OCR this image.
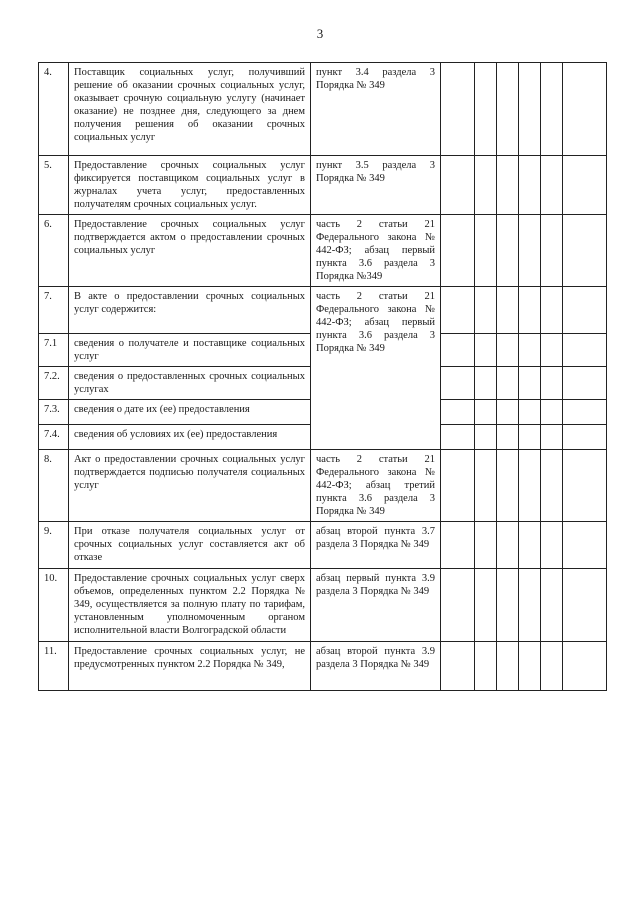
3
4.	Поставщик социальных услуг, получивший решение об оказании срочных социальных услуг, оказывает срочную социальную услугу (начинает оказание) не позднее дня, следующего за днем получения решения об оказании срочных социальных услуг	пункт 3.4 раздела 3 Порядка № 349						
5.	Предоставление срочных социальных услуг фиксируется поставщиком социальных услуг в журналах учета услуг, предоставленных получателям срочных социальных услуг.	пункт 3.5 раздела 3 Порядка № 349						
6.	Предоставление срочных социальных услуг подтверждается актом о предоставлении срочных социальных услуг	часть 2 статьи 21 Федерального закона № 442-ФЗ; абзац первый пункта 3.6 раздела 3 Порядка №349						
7.	В акте о предоставлении срочных социальных услуг содержится:	часть 2 статьи 21 Федерального закона № 442-ФЗ; абзац первый пункта 3.6 раздела 3 Порядка № 349						
7.1	сведения о получателе и поставщике социальных услуг							
7.2.	сведения о предоставленных срочных социальных услугах							
7.3.	сведения о дате их (ее) предоставления							
7.4.	сведения об условиях их (ее) предоставления							
8.	Акт о предоставлении срочных социальных услуг подтверждается подписью получателя социальных услуг	часть 2 статьи 21 Федерального закона № 442-ФЗ; абзац третий пункта 3.6 раздела 3 Порядка № 349						
9.	При отказе получателя социальных услуг от срочных социальных услуг составляется акт об отказе	абзац второй пункта 3.7 раздела 3 Порядка № 349						
10.	Предоставление срочных социальных услуг сверх объемов, определенных пунктом 2.2 Порядка № 349, осуществляется за полную плату по тарифам, установленным уполномоченным органом исполнительной власти Волгоградской области	абзац первый пункта 3.9 раздела 3 Порядка № 349						
11.	Предоставление срочных социальных услуг, не предусмотренных пунктом 2.2 Порядка № 349,	абзац второй пункта 3.9 раздела 3 Порядка № 349						
